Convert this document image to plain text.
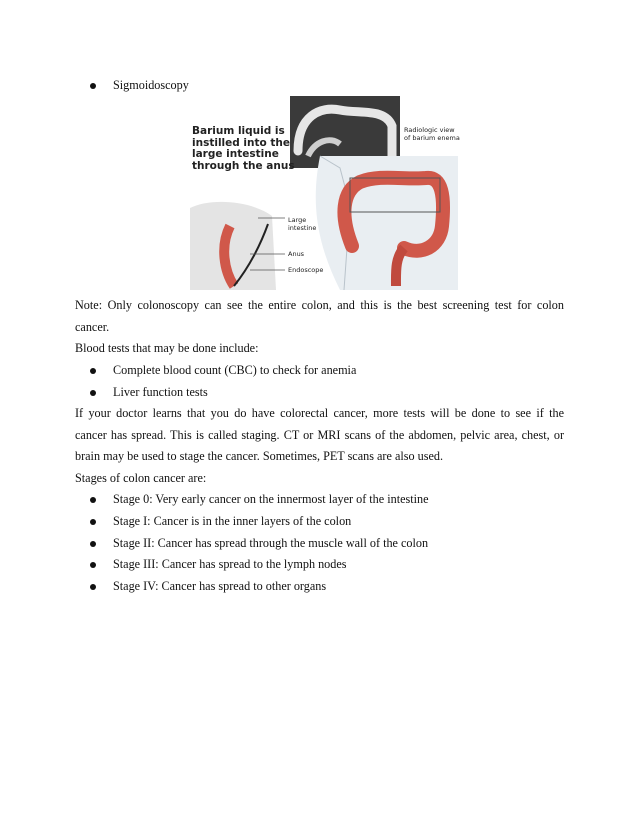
Sigmoidoscopy
Barium liquid is
instilled into the
large intestine
through the anus
Radiologic view
of barium enema
Large
intestine
Anus
Endoscope
Note: Only colonoscopy can see the entire colon, and this is the best screening test for colon
cancer.
Blood tests that may be done include:
Complete blood count (CBC) to check for anemia
Liver function tests
If your doctor learns that you do have colorectal cancer, more tests will be done to see if the
cancer has spread. This is called staging. CT or MRI scans of the abdomen, pelvic area, chest, or
brain may be used to stage the cancer. Sometimes, PET scans are also used.
Stages of colon cancer are:
Stage 0: Very early cancer on the innermost layer of the intestine
Stage I: Cancer is in the inner layers of the colon
Stage II: Cancer has spread through the muscle wall of the colon
Stage III: Cancer has spread to the lymph nodes
Stage IV: Cancer has spread to other organs
